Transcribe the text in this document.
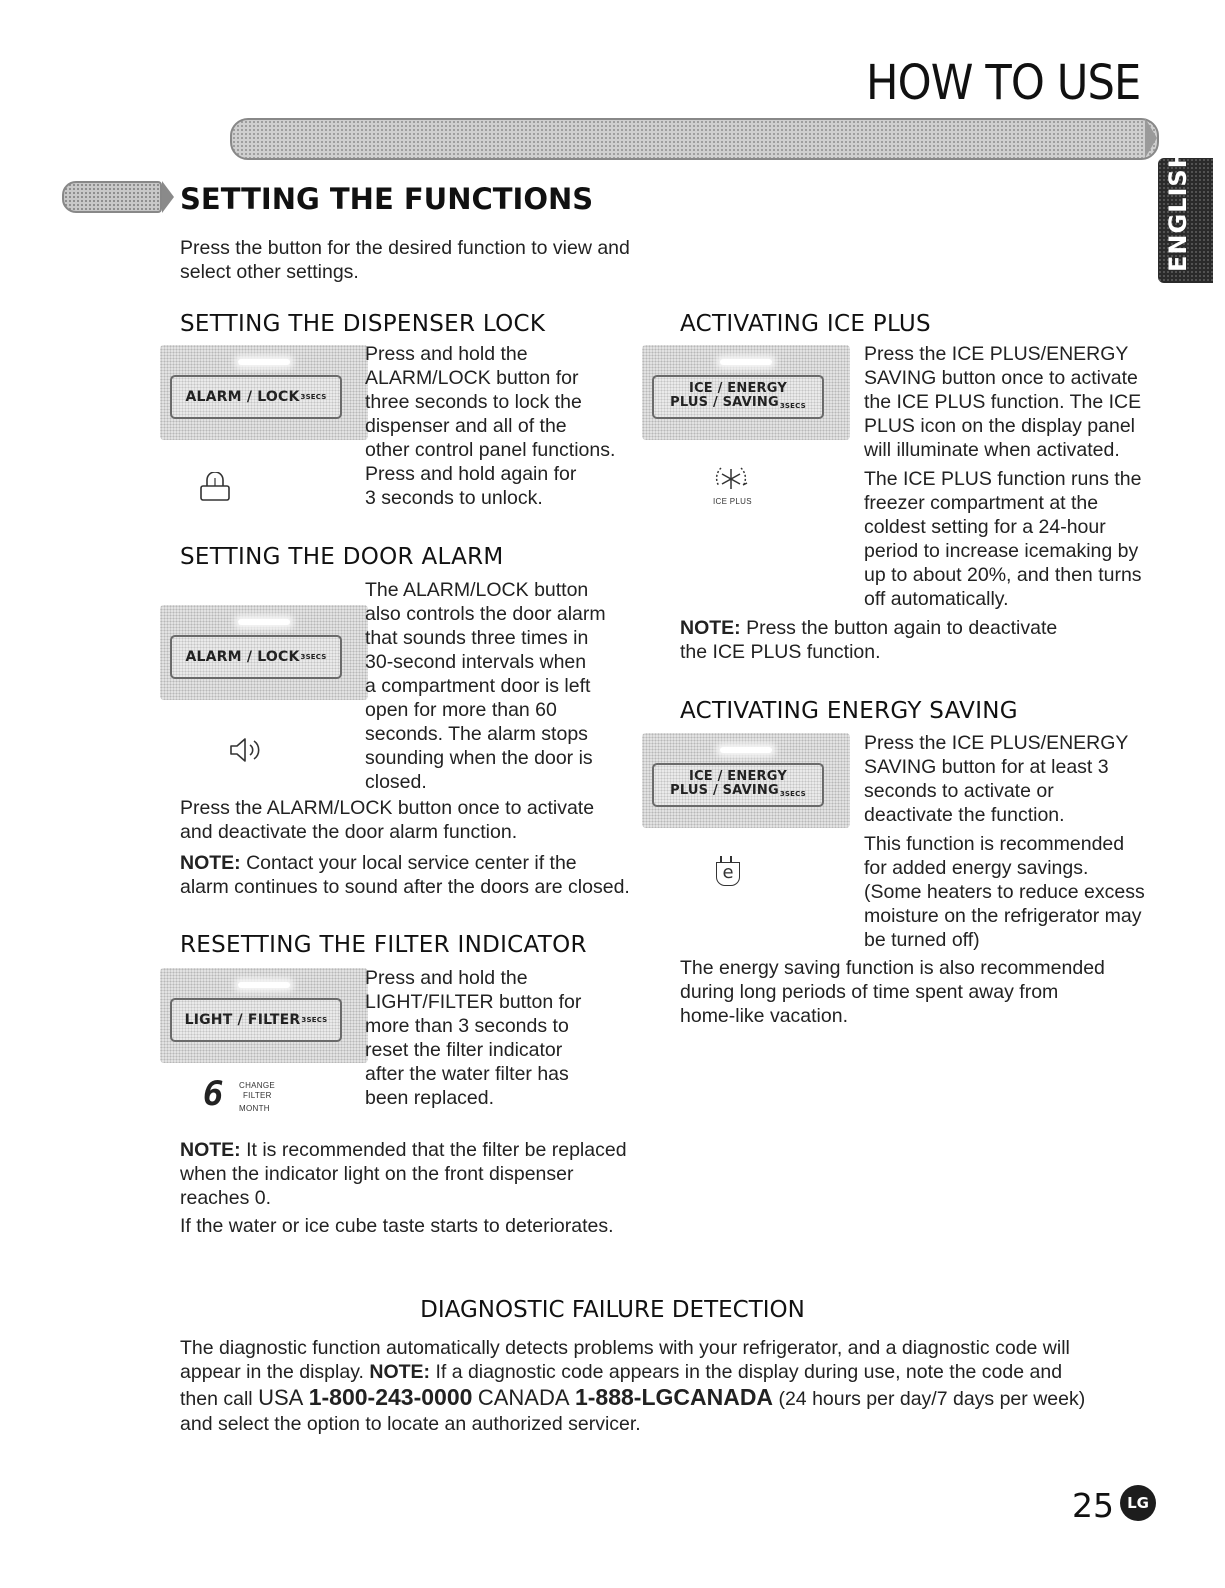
HOW TO USE
ENGLISH
SETTING THE FUNCTIONS
Press the button for the desired function to view and
select other settings.
SETTING THE DISPENSER LOCK
ALARM / LOCK 3SECS
Press and hold the
ALARM/LOCK button for
three seconds to lock the
dispenser and all of the
other control panel functions.
Press and hold again for
3 seconds to unlock.
SETTING THE DOOR ALARM
ALARM / LOCK 3SECS
The ALARM/LOCK button
also controls the door alarm
that sounds three times in
30-second intervals when
a compartment door is left
open for more than 60
seconds. The alarm stops
sounding when the door is
closed.
Press the ALARM/LOCK button once to activate
and deactivate the door alarm function.
NOTE: Contact your local service center if the
alarm continues to sound after the doors are closed.
RESETTING THE FILTER INDICATOR
LIGHT / FILTER 3SECS
6 CHANGE
FILTER
MONTH
Press and hold the
LIGHT/FILTER button for
more than 3 seconds to
reset the filter indicator
after the water filter has
been replaced.
NOTE: It is recommended that the filter be replaced
when the indicator light on the front dispenser
reaches 0.
If the water or ice cube taste starts to deteriorates.
ACTIVATING ICE PLUS
ICE / ENERGY
PLUS / SAVING3SECS
ICE PLUS
Press the ICE PLUS/ENERGY
SAVING button once to activate
the ICE PLUS function. The ICE
PLUS icon on the display panel
will illuminate when activated.
The ICE PLUS function runs the
freezer compartment at the
coldest setting for a 24-hour
period to increase icemaking by
up to about 20%, and then turns
off automatically.
NOTE: Press the button again to deactivate
the ICE PLUS function.
ACTIVATING ENERGY SAVING
ICE / ENERGY
PLUS / SAVING3SECS
e
Press the ICE PLUS/ENERGY
SAVING button for at least 3
seconds to activate or
deactivate the function.
This function is recommended
for added energy savings.
(Some heaters to reduce excess
moisture on the refrigerator may
be turned off)
The energy saving function is also recommended
during long periods of time spent away from
home-like vacation.
DIAGNOSTIC FAILURE DETECTION
The diagnostic function automatically detects problems with your refrigerator, and a diagnostic code will
appear in the display. NOTE: If a diagnostic code appears in the display during use, note the code and
then call USA 1-800-243-0000 CANADA 1-888-LGCANADA (24 hours per day/7 days per week)
and select the option to locate an authorized servicer.
25 LG
